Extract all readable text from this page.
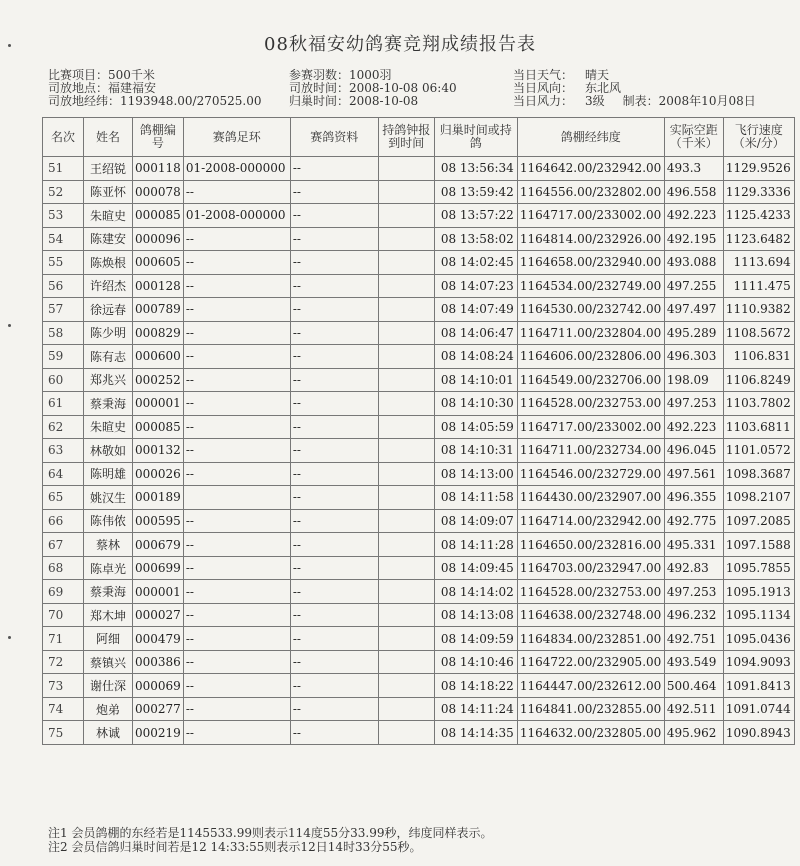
08秋福安幼鸽赛竞翔成绩报告表
比赛项目：500千米
司放地点：福建福安
司放地经纬：1193948.00/270525.00
参赛羽数：1000羽
司放时间：2008-10-08 06:40
归巢时间：2008-10-08
当日天气： 晴天
当日风向： 东北风
当日风力： 3级 制表：2008年10月08日
名次	姓名	鸽棚编号	赛鸽足环	赛鸽资料	持鸽钟报到时间	归巢时间或持鸽	鸽棚经纬度	实际空距（千米）	飞行速度（米/分）
51	王绍锐	000118	01-2008-000000	--		08 13:56:34	1164642.00/232942.00	493.3	1129.9526
52	陈亚怀	000078	--	--		08 13:59:42	1164556.00/232802.00	496.558	1129.3336
53	朱暄史	000085	01-2008-000000	--		08 13:57:22	1164717.00/233002.00	492.223	1125.4233
54	陈建安	000096	--	--		08 13:58:02	1164814.00/232926.00	492.195	1123.6482
55	陈焕根	000605	--	--		08 14:02:45	1164658.00/232940.00	493.088	1113.694
56	许绍杰	000128	--	--		08 14:07:23	1164534.00/232749.00	497.255	1111.475
57	徐远春	000789	--	--		08 14:07:49	1164530.00/232742.00	497.497	1110.9382
58	陈少明	000829	--	--		08 14:06:47	1164711.00/232804.00	495.289	1108.5672
59	陈有志	000600	--	--		08 14:08:24	1164606.00/232806.00	496.303	1106.831
60	郑兆兴	000252	--	--		08 14:10:01	1164549.00/232706.00	198.09	1106.8249
61	蔡秉海	000001	--	--		08 14:10:30	1164528.00/232753.00	497.253	1103.7802
62	朱暄史	000085	--	--		08 14:05:59	1164717.00/233002.00	492.223	1103.6811
63	林敬如	000132	--	--		08 14:10:31	1164711.00/232734.00	496.045	1101.0572
64	陈明雄	000026	--	--		08 14:13:00	1164546.00/232729.00	497.561	1098.3687
65	姚汉生	000189		--		08 14:11:58	1164430.00/232907.00	496.355	1098.2107
66	陈伟侬	000595	--	--		08 14:09:07	1164714.00/232942.00	492.775	1097.2085
67	蔡林	000679	--	--		08 14:11:28	1164650.00/232816.00	495.331	1097.1588
68	陈卓光	000699	--	--		08 14:09:45	1164703.00/232947.00	492.83	1095.7855
69	蔡秉海	000001	--	--		08 14:14:02	1164528.00/232753.00	497.253	1095.1913
70	郑木坤	000027	--	--		08 14:13:08	1164638.00/232748.00	496.232	1095.1134
71	阿细	000479	--	--		08 14:09:59	1164834.00/232851.00	492.751	1095.0436
72	蔡镇兴	000386	--	--		08 14:10:46	1164722.00/232905.00	493.549	1094.9093
73	谢仕深	000069	--	--		08 14:18:22	1164447.00/232612.00	500.464	1091.8413
74	炮弟	000277	--	--		08 14:11:24	1164841.00/232855.00	492.511	1091.0744
75	林诚	000219	--	--		08 14:14:35	1164632.00/232805.00	495.962	1090.8943
注1 会员鸽棚的东经若是1145533.99则表示114度55分33.99秒，纬度同样表示。
注2 会员信鸽归巢时间若是12 14:33:55则表示12日14时33分55秒。
